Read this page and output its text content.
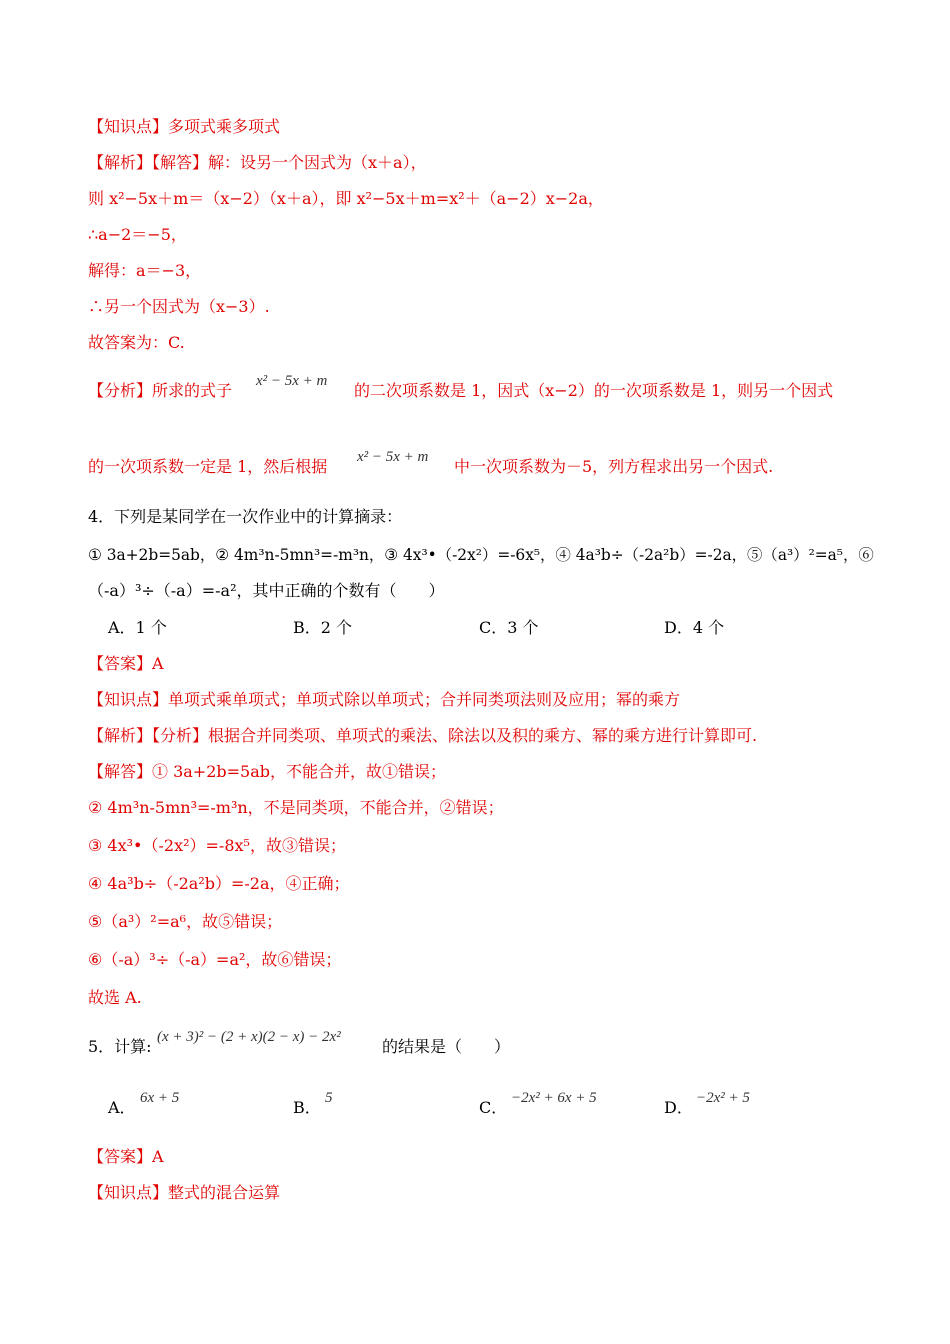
【知识点】多项式乘多项式
【解析】【解答】解：设另一个因式为（x＋a），
则 x²−5x＋m＝（x−2）（x＋a），即 x²−5x＋m=x²＋（a−2）x−2a，
∴a−2＝−5，
解得：a＝−3，
∴另一个因式为（x−3）.
故答案为：C.
【分析】所求的式子 x² − 5x + m 的二次项系数是 1，因式（x−2）的一次项系数是 1，则另一个因式
的一次项系数一定是 1，然后根据 x² − 5x + m 中一次项系数为－5，列方程求出另一个因式.
4．下列是某同学在一次作业中的计算摘录：
① 3a+2b=5ab，② 4m³n-5mn³=-m³n，③ 4x³•（-2x²）=-6x⁵，④ 4a³b÷（-2a²b）=-2a，⑤（a³）²=a⁵，⑥
（-a）³÷（-a）=-a²，其中正确的个数有（　　）
A．1 个	B．2 个	C．3 个	D．4 个
【答案】A
【知识点】单项式乘单项式；单项式除以单项式；合并同类项法则及应用；幂的乘方
【解析】【分析】根据合并同类项、单项式的乘法、除法以及积的乘方、幂的乘方进行计算即可.
【解答】① 3a+2b=5ab，不能合并，故①错误；
② 4m³n-5mn³=-m³n，不是同类项，不能合并，②错误；
③ 4x³•（-2x²）=-8x⁵，故③错误；
④ 4a³b÷（-2a²b）=-2a，④正确；
⑤（a³）²=a⁶，故⑤错误；
⑥（-a）³÷（-a）=a²，故⑥错误；
故选 A.
5．计算: (x + 3)² − (2 + x)(2 − x) − 2x²	的结果是（　　）
A． 6x + 5	B． 5	C． −2x² + 6x + 5	D． −2x² + 5
【答案】A
【知识点】整式的混合运算
